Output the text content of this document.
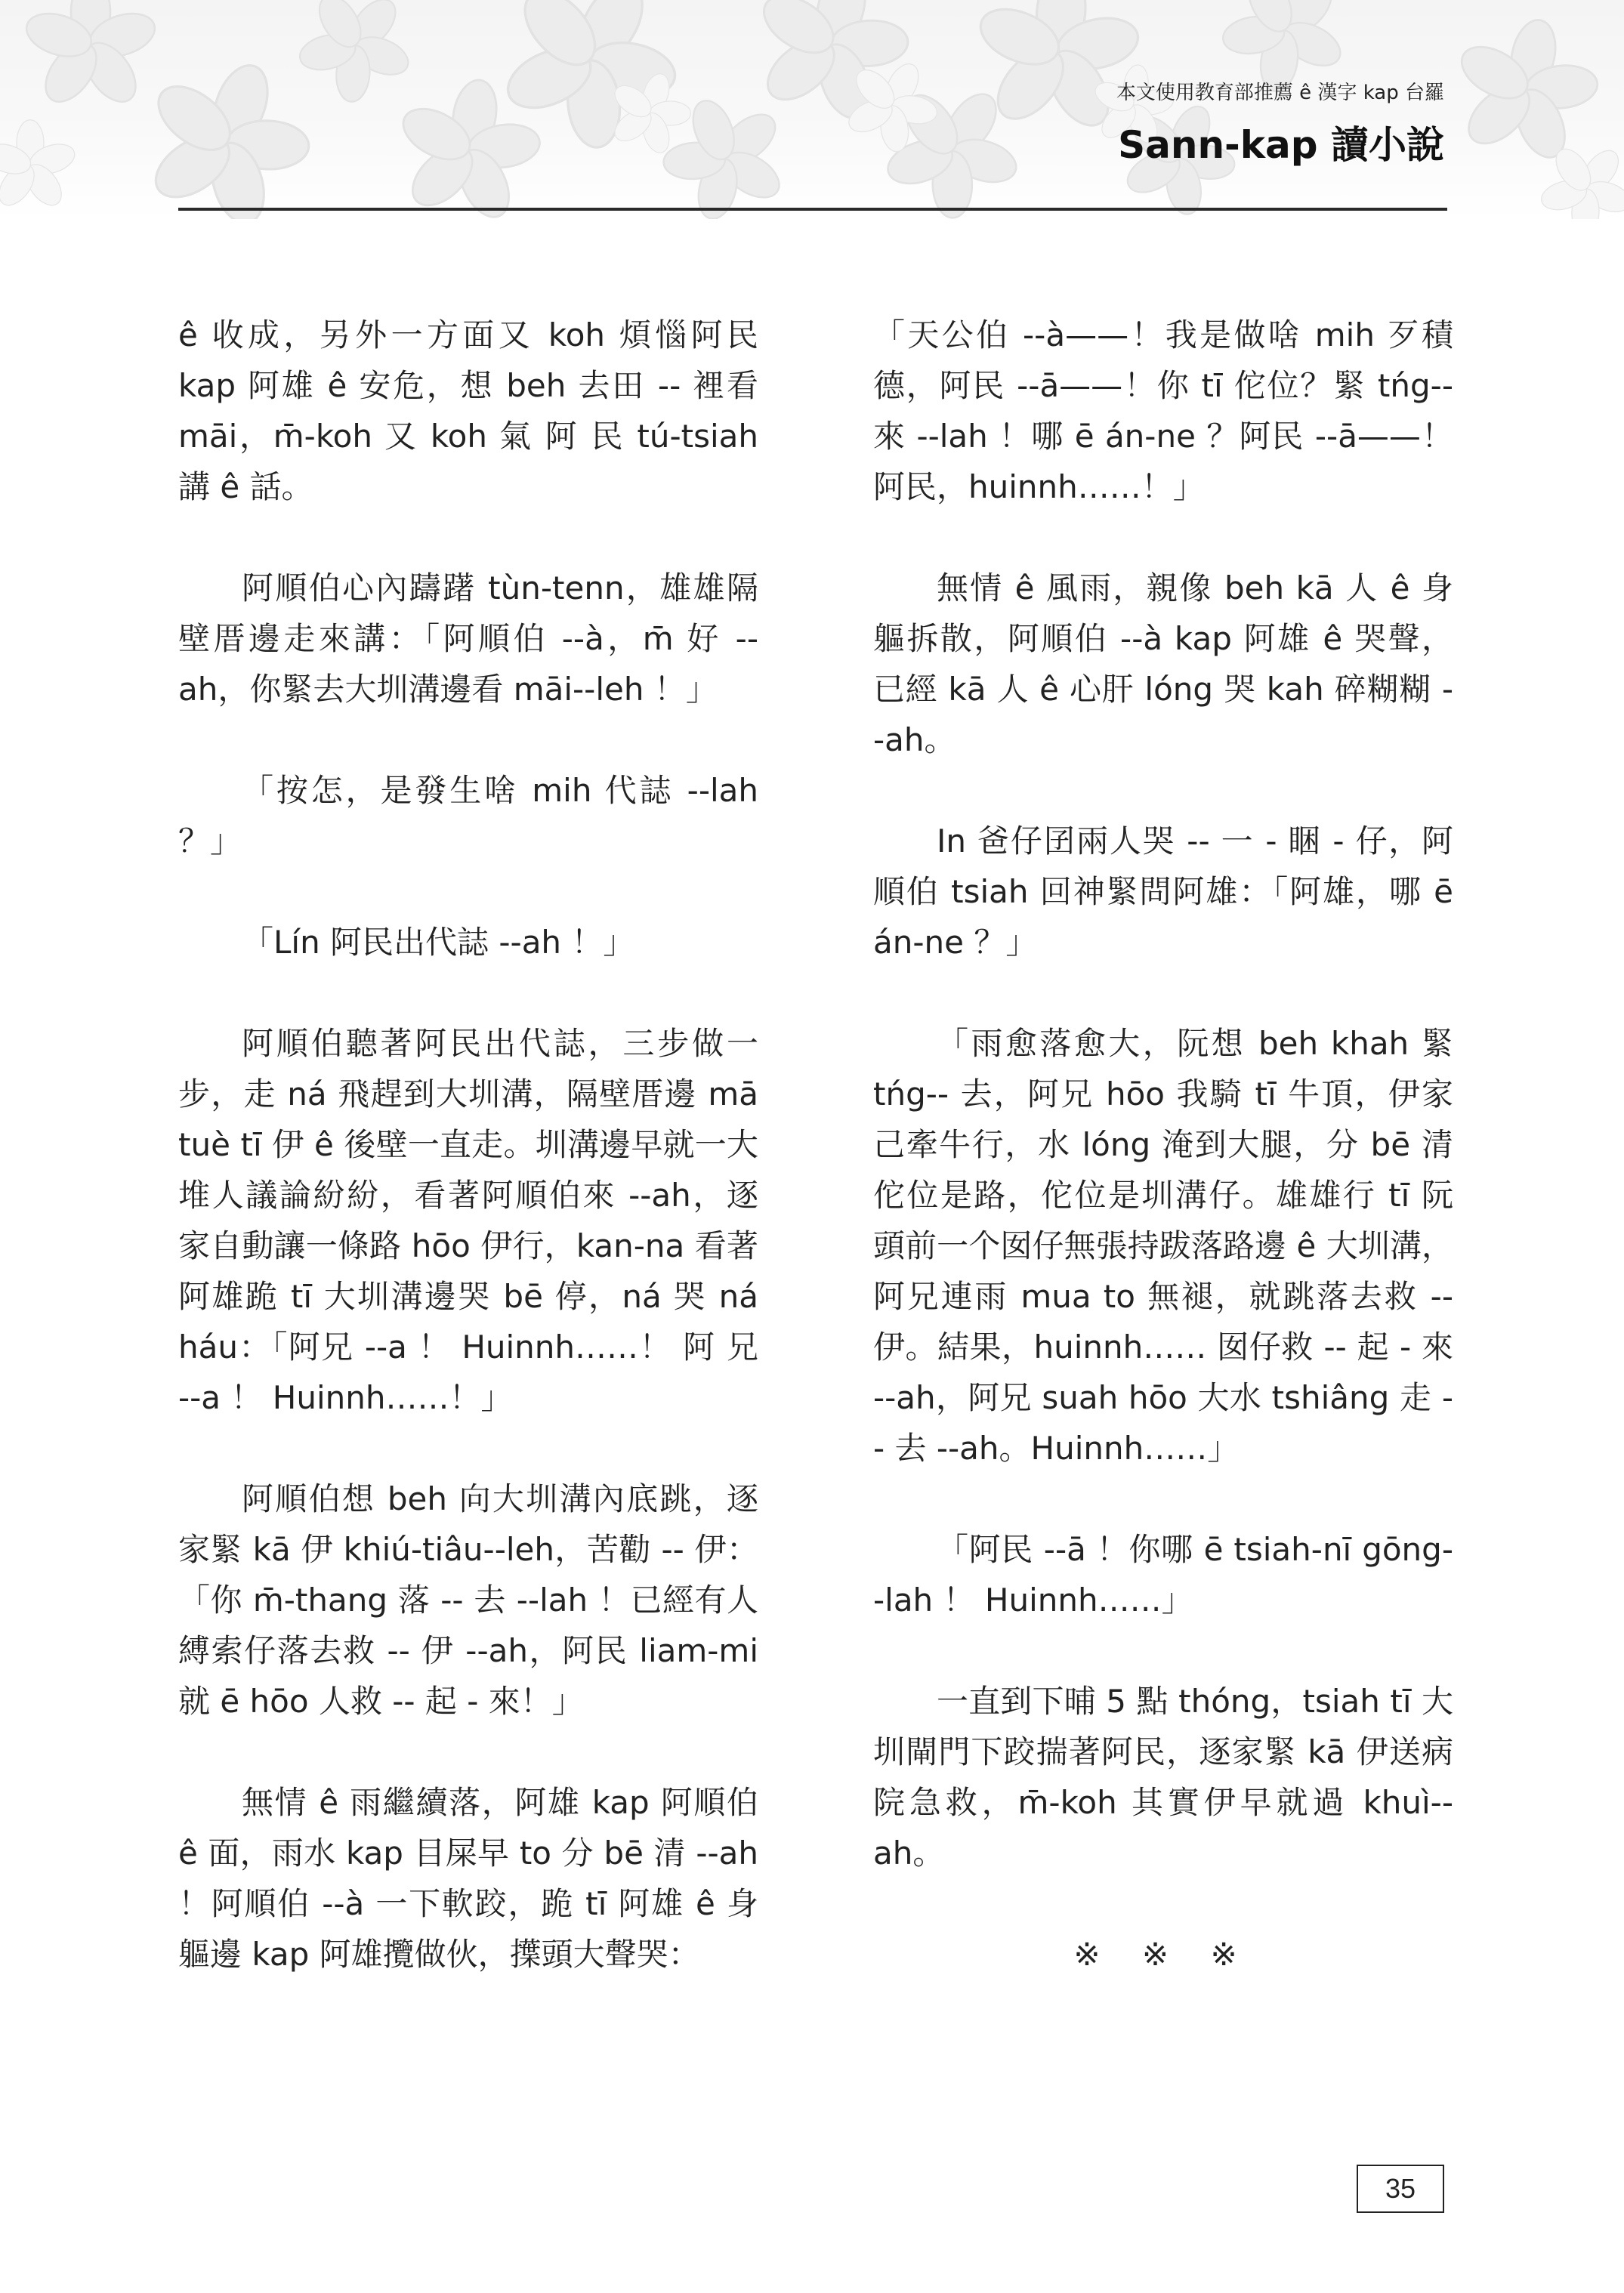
本文使用教育部推薦 ê 漢字 kap 台羅
Sann-kap 讀小說

ê 收成，另外一方面又 koh 煩惱阿民 kap 阿雄 ê 安危，想 beh 去田 -- 裡看 māi，m̄-koh 又 koh 氣 阿 民 tú-tsiah 講 ê 話。

阿順伯心內躊躇 tùn-tenn，雄雄隔壁厝邊走來講：「阿順伯 --à，m̄ 好 --ah，你緊去大圳溝邊看 māi--leh ！」

「按怎，是發生啥 mih 代誌 --lah ？」

「Lín 阿民出代誌 --ah ！」

阿順伯聽著阿民出代誌，三步做一步，走 ná 飛趕到大圳溝，隔壁厝邊 mā tuè tī 伊 ê 後壁一直走。圳溝邊早就一大堆人議論紛紛，看著阿順伯來 --ah，逐家自動讓一條路 hōo 伊行，kan-na 看著阿雄跪 tī 大圳溝邊哭 bē 停，ná 哭 ná háu：「阿兄 --a ！ Huinnh……！ 阿 兄 --a ！ Huinnh……！」

阿順伯想 beh 向大圳溝內底跳，逐家緊 kā 伊 khiú-tiâu--leh，苦勸 -- 伊：「你 m̄-thang 落 -- 去 --lah ！已經有人縛索仔落去救 -- 伊 --ah，阿民 liam-mi 就 ē hōo 人救 -- 起 - 來！」

無情 ê 雨繼續落，阿雄 kap 阿順伯 ê 面，雨水 kap 目屎早 to 分 bē 清 --ah ！阿順伯 --à 一下軟跤，跪 tī 阿雄 ê 身軀邊 kap 阿雄攬做伙，擛頭大聲哭：

「天公伯 --à——！我是做啥 mih 歹積德，阿民 --ā——！你 tī 佗位？緊 tńg-- 來 --lah ！哪 ē án-ne ？阿民 --ā——！阿民，huinnh……！」

無情 ê 風雨，親像 beh kā 人 ê 身軀拆散，阿順伯 --à kap 阿雄 ê 哭聲，已經 kā 人 ê 心肝 lóng 哭 kah 碎糊糊 --ah。

In 爸仔囝兩人哭 -- 一 - 睏 - 仔，阿順伯 tsiah 回神緊問阿雄：「阿雄，哪 ē án-ne ？」

「雨愈落愈大，阮想 beh khah 緊 tńg-- 去，阿兄 hōo 我騎 tī 牛頂，伊家己牽牛行，水 lóng 淹到大腿，分 bē 清佗位是路，佗位是圳溝仔。雄雄行 tī 阮頭前一个囡仔無張持跋落路邊 ê 大圳溝，阿兄連雨 mua to 無褪，就跳落去救 -- 伊。結果，huinnh…… 囡仔救 -- 起 - 來 --ah，阿兄 suah hōo 大水 tshiâng 走 -- 去 --ah。Huinnh……」

「阿民 --ā ！你哪 ē tsiah-nī gōng--lah ！ Huinnh……」

一直到下晡 5 點 thóng，tsiah tī 大圳閘門下跤揣著阿民，逐家緊 kā 伊送病院急救，m̄-koh 其實伊早就過 khuì--ah。

※ ※ ※

35
